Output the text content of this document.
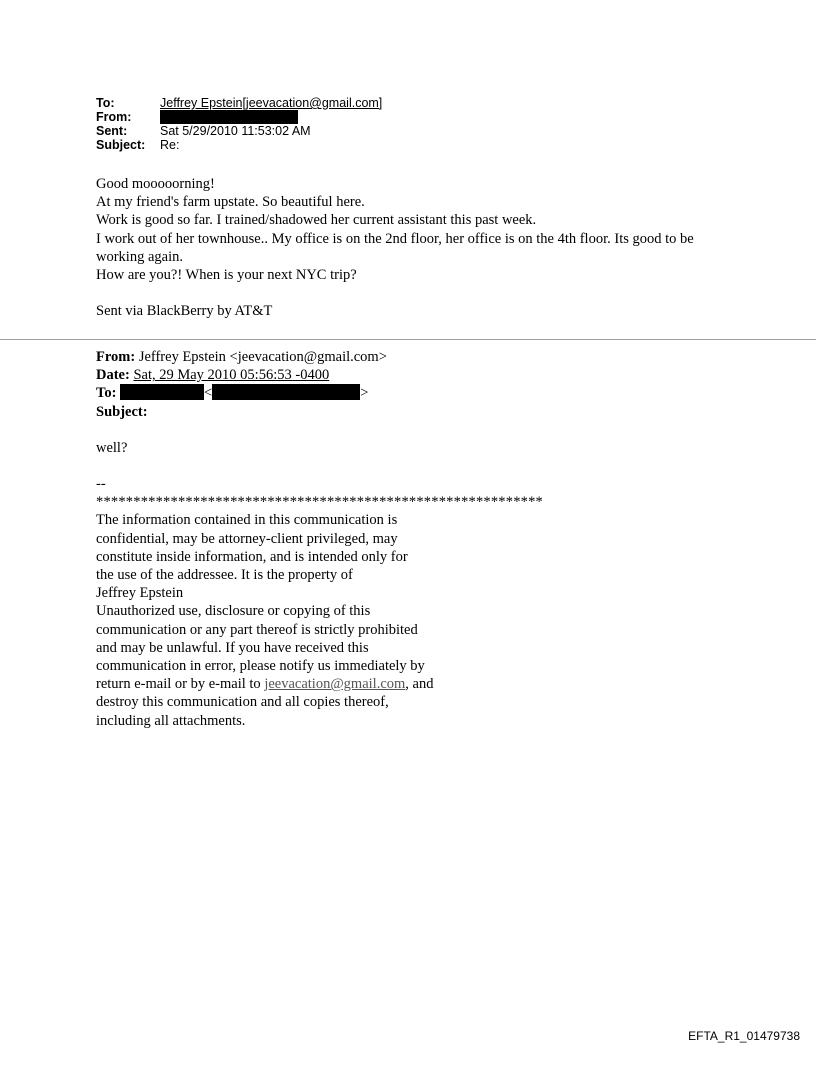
To:	Jeffrey Epstein[jeevacation@gmail.com]
From:
Sent:	Sat 5/29/2010 11:53:02 AM
Subject:	Re:

Good mooooorning!

At my friend's farm upstate. So beautiful here.

Work is good so far. I trained/shadowed her current assistant this past week.

I work out of her townhouse.. My office is on the 2nd floor, her office is on the 4th floor. Its good to be working again.

How are you?! When is your next NYC trip?

Sent via BlackBerry by AT&T

From: Jeffrey Epstein <jeevacation@gmail.com>

Date: Sat, 29 May 2010 05:56:53 -0400

To:	<	>

Subject:

well?

--

************************************************************

The information contained in this communication is

confidential, may be attorney-client privileged, may

constitute inside information, and is intended only for

the use of the addressee. It is the property of

Jeffrey Epstein

Unauthorized use, disclosure or copying of this

communication or any part thereof is strictly prohibited

and may be unlawful. If you have received this

communication in error, please notify us immediately by

return e-mail or by e-mail to jeevacation@gmail.com, and

destroy this communication and all copies thereof,

including all attachments.

EFTA_R1_01479738
